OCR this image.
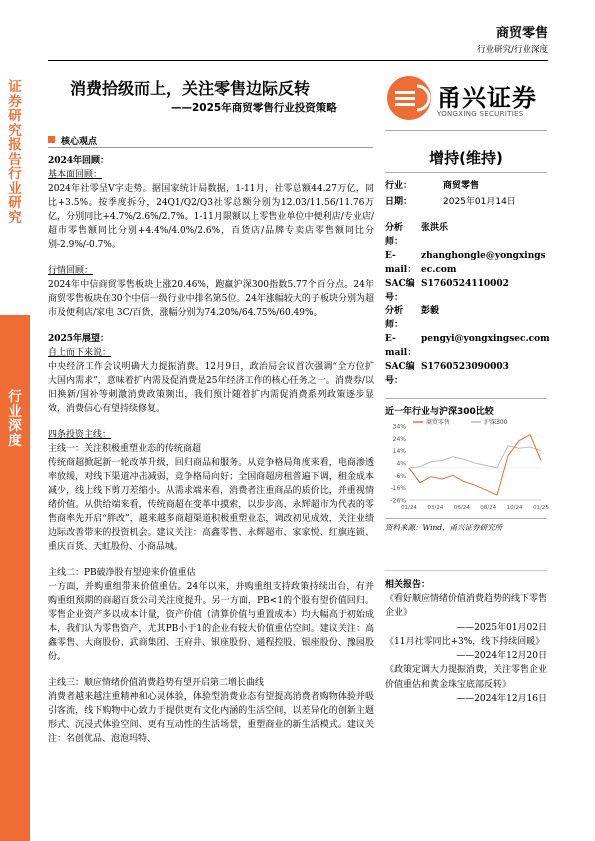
证券研究报告 行业研究
行业深度
商贸零售
行业研究/行业深度
消费拾级而上，关注零售边际反转
——2025年商贸零售行业投资策略	甬兴证券
YONGXING SECURITIES
核心观点
2024年回顾：
基本面回顾：
2024年社零呈V字走势。据国家统计局数据，1-11月，社零总额44.27万亿，同比+3.5%。按季度拆分，24Q1/Q2/Q3社零总额分别为12.03/11.56/11.76万亿，分别同比+4.7%/2.6%/2.7%。1-11月限额以上零售业单位中便利店/专业店/超市零售额同比分别+4.4%/4.0%/2.6%，百货店/品牌专卖店零售额同比分别-2.9%/-0.7%。
行情回顾：
2024年中信商贸零售板块上涨20.46%，跑赢沪深300指数5.77个百分点。24年商贸零售板块在30个中信一级行业中排名第5位。24年涨幅较大的子板块分别为超市及便利店/家电 3C/百货，涨幅分别为74.20%/64.75%/60.49%。
2025年展望：
自上而下来说：
中央经济工作会议明确大力提振消费。12月9日，政治局会议首次强调“全方位扩大国内需求”，意味着扩内需及促消费是25年经济工作的核心任务之一。消费券/以旧换新/国补等刺激消费政策频出，我们预计随着扩内需促消费系列政策逐步显效，消费信心有望持续修复。
四条投资主线：
主线一：关注积极重塑业态的传统商超
传统商超掀起新一轮改革升级，回归商品和服务。从竞争格局角度来看，电商渗透率放缓，对线下渠道冲击减弱，竞争格局向好；全国商超房租普遍下调，租金成本减少，线上线下剪刀差缩小。从需求端来看，消费者注重商品的质价比，并重视情绪价值。从供给端来看，传统商超在变革中摸索，以步步高、永辉超市为代表的零售商率先开启“胖改”，越来越多商超渠道积极重塑业态，调改初见成效，关注业绩边际改善带来的投资机会。建议关注：高鑫零售、永辉超市、家家悦、红旗连锁、重庆百货、天虹股份、小商品城。
主线二：PB破净股有望迎来价值重估
一方面，并购重组带来价值重估。24年以来，并购重组支持政策持续出台，有并购重组预期的商超百货公司关注度提升。另一方面，PB<1的个股有望价值回归。零售企业资产多以成本计量，资产价值（清算价值与重置成本）均大幅高于初始成本，我们认为零售资产，尤其PB小于1的企业有较大价值重估空间。建议关注：高鑫零售、大商股份、武商集团、王府井、银座股份、通程控股、银座股份、豫园股份。
主线三：顺应情绪价值消费趋势有望开启第二增长曲线
消费者越来越注重精神和心灵体验，体验型消费业态有望提高消费者购物体验并吸引客流，线下购物中心致力于提供更有文化内涵的生活空间，以差异化的创新主题形式、沉浸式体验空间、更有互动性的生活场景，重塑商业的新生活模式。建议关注：名创优品、泡泡玛特、
增持(维持)
行业：	商贸零售
日期：	2025年01月14日
分析师：
张洪乐
E-mail：
zhanghongle@yongxingsec.com
SAC编号：
S1760524110002
分析师：
彭毅
E-mail：
pengyi@yongxingsec.com
SAC编号：
S1760523090003
近一年行业与沪深300比较
34%
24%
14%
4%
-6%
-16%
-26%
01/24 03/24 06/24 08/24 10/24 01/25
商贸零售	沪深300
资料来源：Wind，甬兴证券研究所
相关报告：
《看好顺应情绪价值消费趋势的线下零售企业》
——2025年01月02日
《11月社零同比+3%，线下持续回暖》
——2024年12月20日
《政策定调大力提振消费，关注零售企业价值重估和黄金珠宝底部反转》
——2024年12月16日
